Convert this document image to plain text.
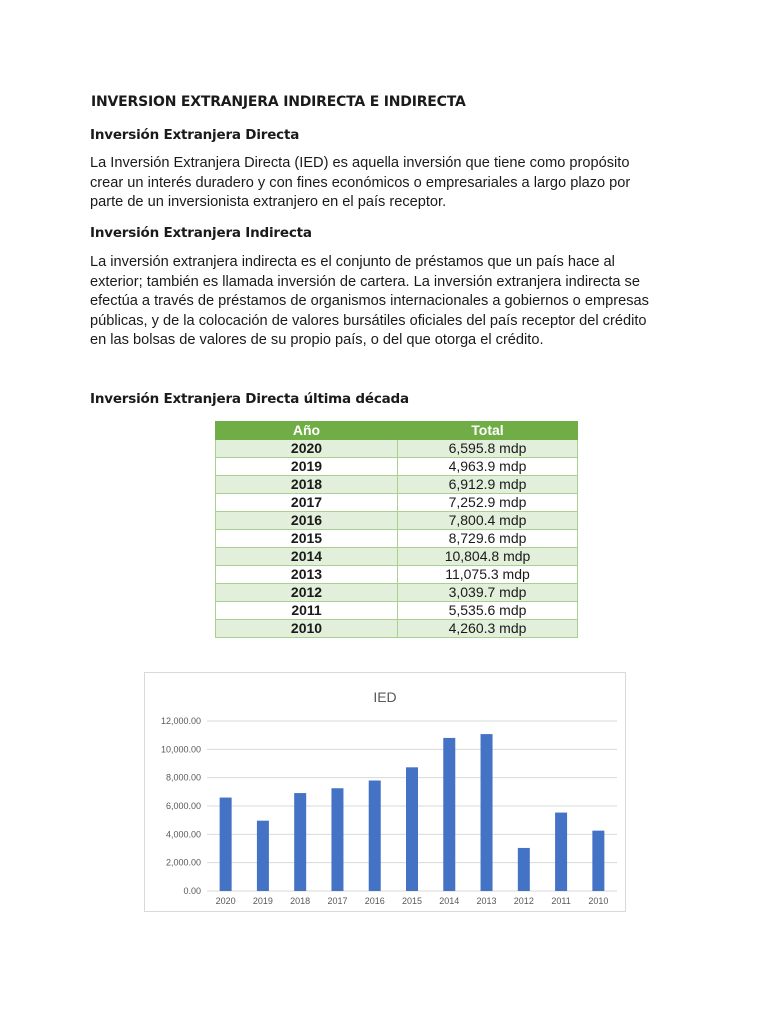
INVERSION EXTRANJERA INDIRECTA E INDIRECTA
Inversión Extranjera Directa

La Inversión Extranjera Directa (IED) es aquella inversión que tiene como propósito
crear un interés duradero y con fines económicos o empresariales a largo plazo por
parte de un inversionista extranjero en el país receptor.

Inversión Extranjera Indirecta

La inversión extranjera indirecta es el conjunto de préstamos que un país hace al
exterior; también es llamada inversión de cartera. La inversión extranjera indirecta se
efectúa a través de préstamos de organismos internacionales a gobiernos o empresas
públicas, y de la colocación de valores bursátiles oficiales del país receptor del crédito
en las bolsas de valores de su propio país, o del que otorga el crédito.

Inversión Extranjera Directa última década
Año	Total
2020	6,595.8 mdp
2019	4,963.9 mdp
2018	6,912.9 mdp
2017	7,252.9 mdp
2016	7,800.4 mdp
2015	8,729.6 mdp
2014	10,804.8 mdp
2013	11,075.3 mdp
2012	3,039.7 mdp
2011	5,535.6 mdp
2010	4,260.3 mdp
IED
0.00
2,000.00
4,000.00
6,000.00
8,000.00
10,000.00
12,000.00
2020 2019 2018 2017 2016 2015 2014 2013 2012 2011 2010
